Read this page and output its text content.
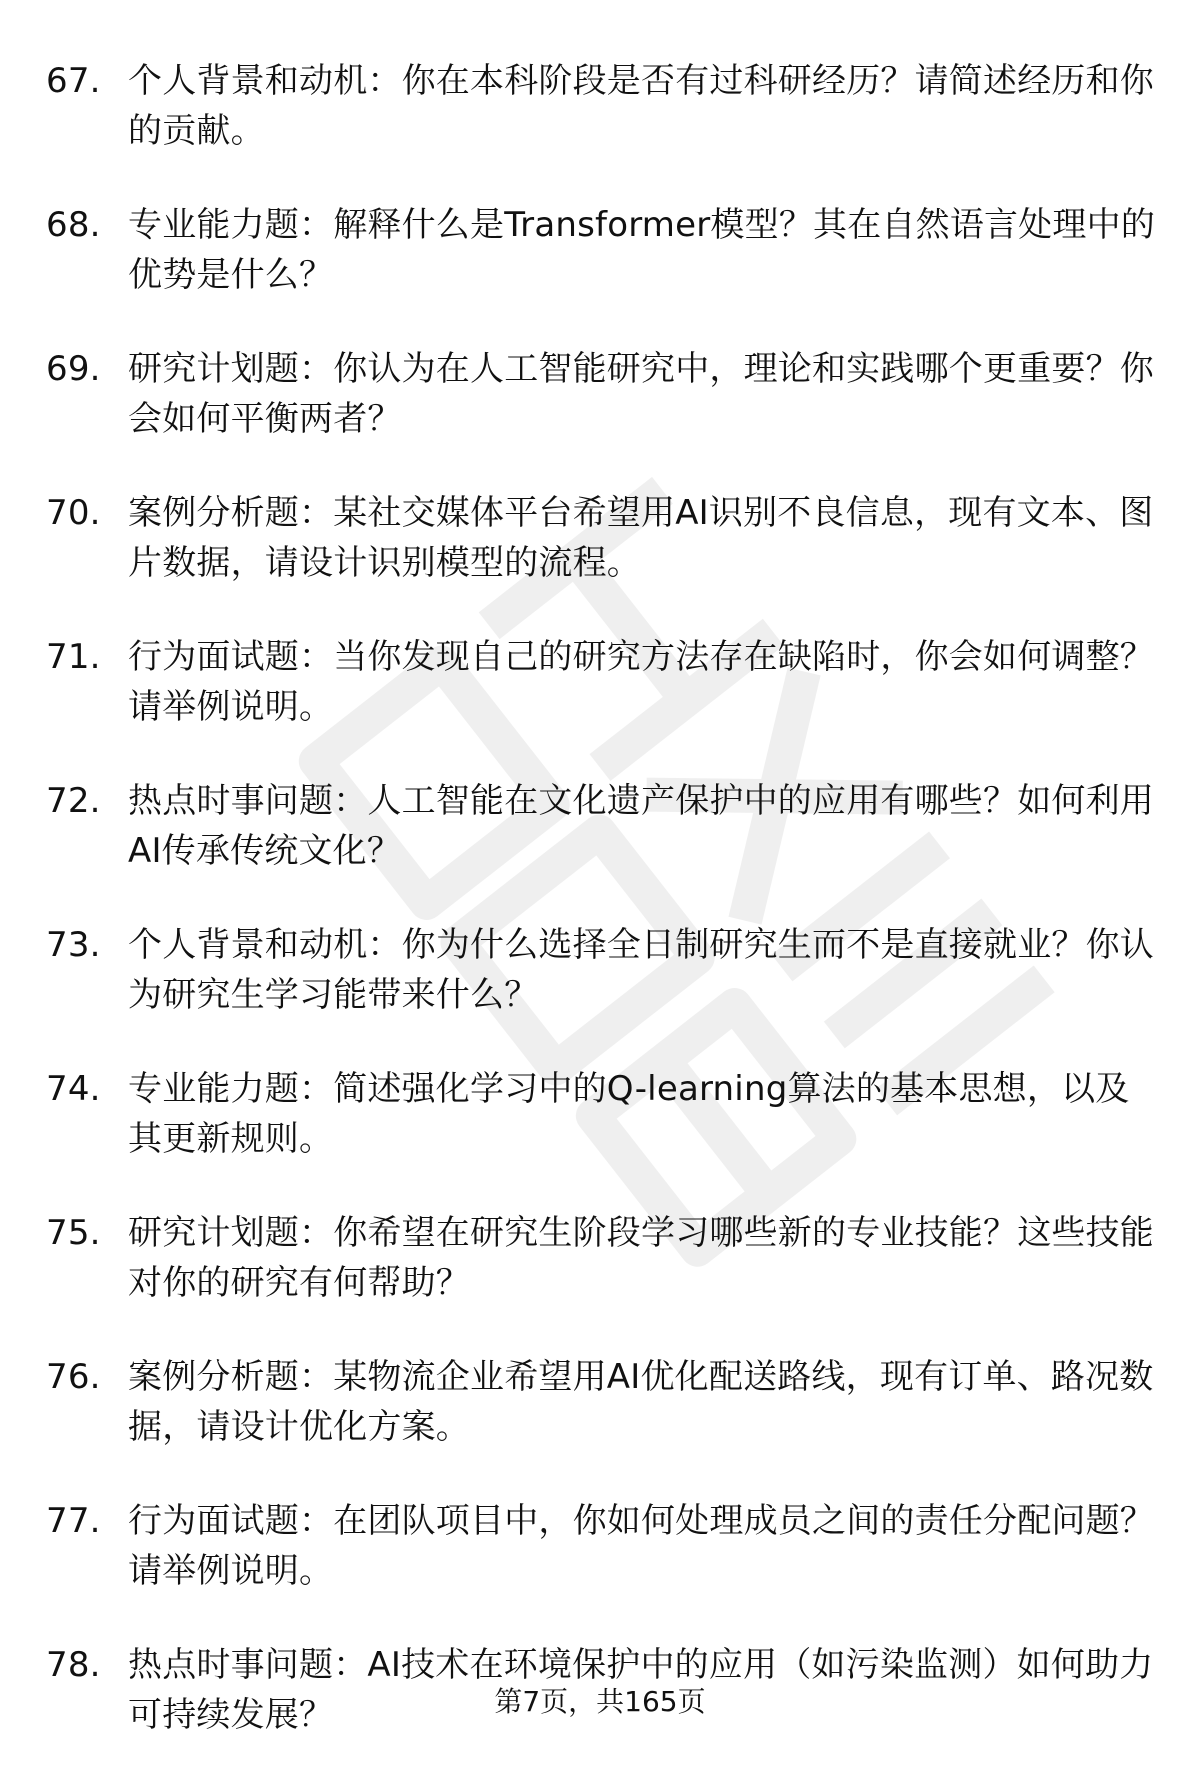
67. 个人背景和动机：你在本科阶段是否有过科研经历？请简述经历和你的贡献。
68. 专业能力题：解释什么是Transformer模型？其在自然语言处理中的优势是什么？
69. 研究计划题：你认为在人工智能研究中，理论和实践哪个更重要？你会如何平衡两者？
70. 案例分析题：某社交媒体平台希望用AI识别不良信息，现有文本、图片数据，请设计识别模型的流程。
71. 行为面试题：当你发现自己的研究方法存在缺陷时，你会如何调整？请举例说明。
72. 热点时事问题：人工智能在文化遗产保护中的应用有哪些？如何利用AI传承传统文化？
73. 个人背景和动机：你为什么选择全日制研究生而不是直接就业？你认为研究生学习能带来什么？
74. 专业能力题：简述强化学习中的Q-learning算法的基本思想，以及其更新规则。
75. 研究计划题：你希望在研究生阶段学习哪些新的专业技能？这些技能对你的研究有何帮助？
76. 案例分析题：某物流企业希望用AI优化配送路线，现有订单、路况数据，请设计优化方案。
77. 行为面试题：在团队项目中，你如何处理成员之间的责任分配问题？请举例说明。
78. 热点时事问题：AI技术在环境保护中的应用（如污染监测）如何助力可持续发展？	第7页，共165页
